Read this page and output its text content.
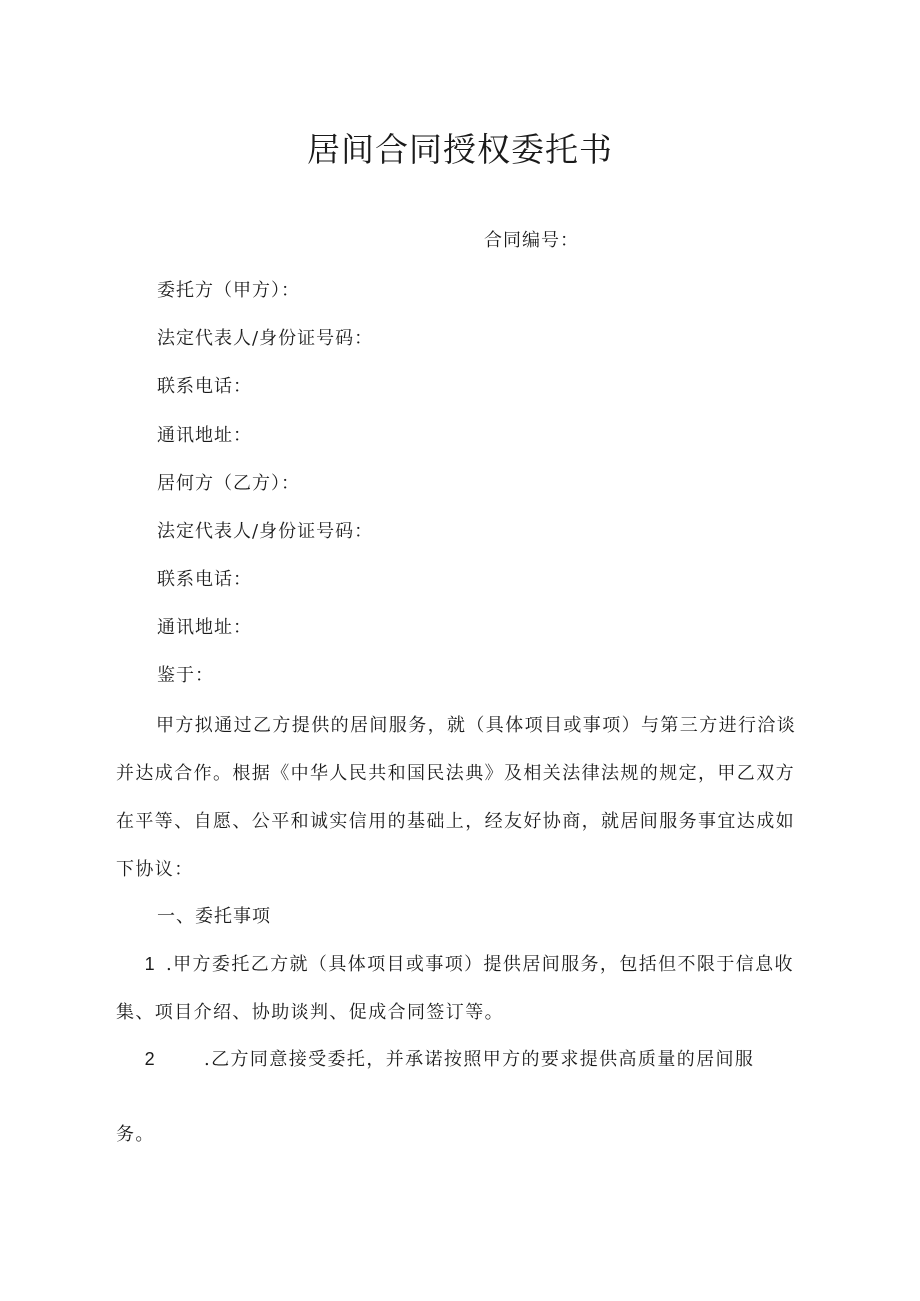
居间合同授权委托书
合同编号：
委托方（甲方）：
法定代表人/身份证号码：
联系电话：
通讯地址：
居何方（乙方）：
法定代表人/身份证号码：
联系电话：
通讯地址：
鉴于：

甲方拟通过乙方提供的居间服务，就（具体项目或事项）与第三方进行洽谈并达成合作。根据《中华人民共和国民法典》及相关法律法规的规定，甲乙双方在平等、自愿、公平和诚实信用的基础上，经友好协商，就居间服务事宜达成如下协议：

一、委托事项
1 .甲方委托乙方就（具体项目或事项）提供居间服务，包括但不限于信息收集、项目介绍、协助谈判、促成合同签订等。
2	.乙方同意接受委托，并承诺按照甲方的要求提供高质量的居间服
务。
